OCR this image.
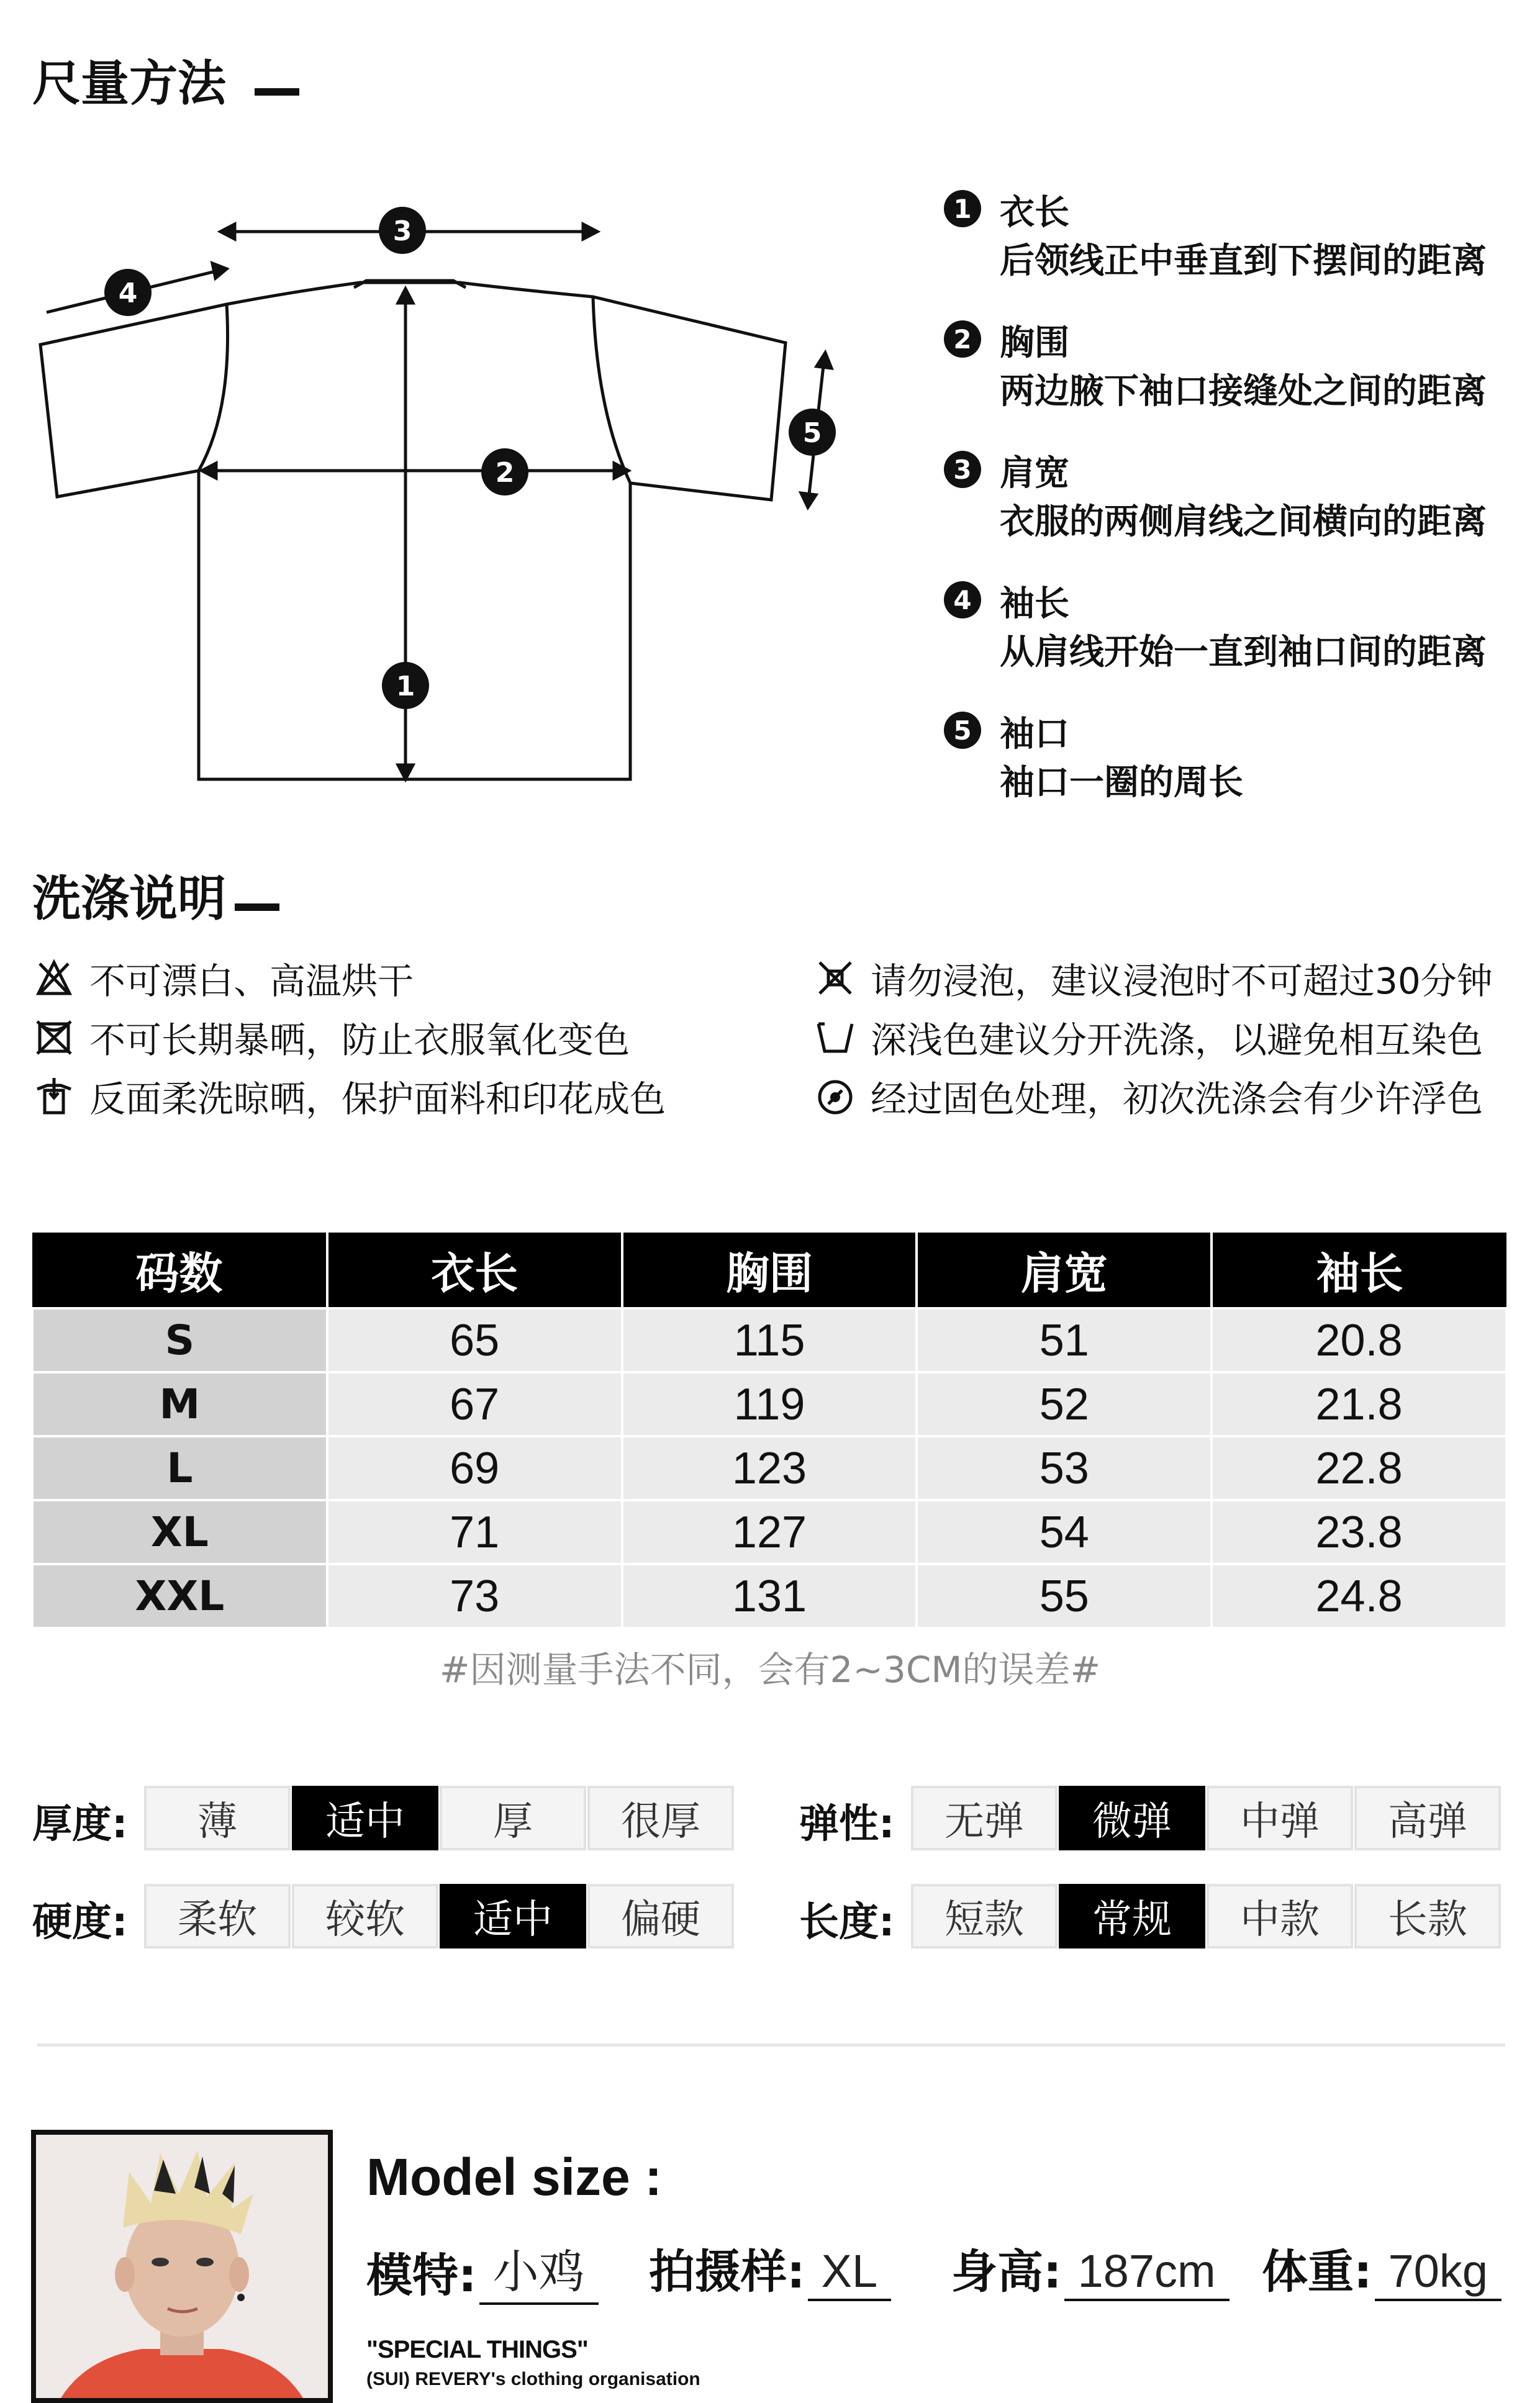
尺量方法
1
2
3
4
5
1 衣长
后领线正中垂直到下摆间的距离
2 胸围
两边腋下袖口接缝处之间的距离
3 肩宽
衣服的两侧肩线之间横向的距离
4 袖长
从肩线开始一直到袖口间的距离
5 袖口
袖口一圈的周长
洗涤说明
不可漂白、高温烘干
不可长期暴晒，防止衣服氧化变色
反面柔洗晾晒，保护面料和印花成色
请勿浸泡，建议浸泡时不可超过30分钟
深浅色建议分开洗涤，以避免相互染色
经过固色处理，初次洗涤会有少许浮色
码数	衣长	胸围	肩宽	袖长
S	65	115	51	20.8
M	67	119	52	21.8
L	69	123	53	22.8
XL	71	127	54	23.8
XXL	73	131	55	24.8
#因测量手法不同，会有2~3CM的误差#
厚度:	薄	适中	厚	很厚	弹性:	无弹	微弹	中弹	高弹
硬度:	柔软	较软	适中	偏硬	长度:	短款	常规	中款	长款
Model size :
模特: 小鸡 拍摄样: XL 身高: 187cm 体重: 70kg
"SPECIAL THINGS"
(SUI) REVERY's clothing organisation
